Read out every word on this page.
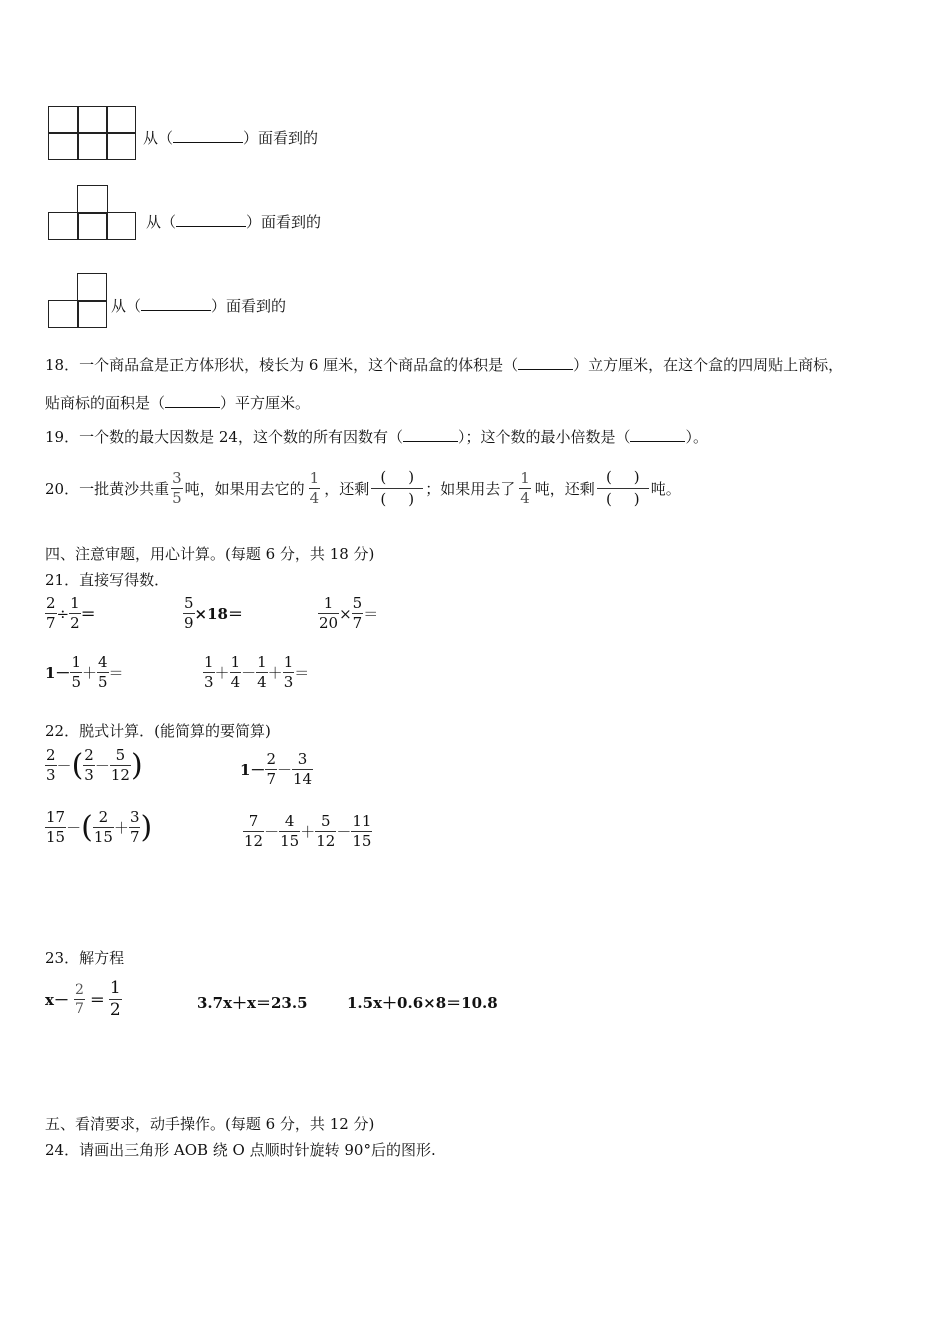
从（	）面看到的
从（	）面看到的
从（	）面看到的
18．一个商品盒是正方体形状，棱长为 6 厘米，这个商品盒的体积是（	）立方厘米，在这个盒的四周贴上商标，
贴商标的面积是（	）平方厘米。
19．一个数的最大因数是 24，这个数的所有因数有（	）；这个数的最小倍数是（	）。
20．一批黄沙共重 $\frac{3}{5}$ 吨，如果用去它的 $\frac{1}{4}$ ，还剩 $\frac{( )}{( )}$ ；如果用去了 $\frac{1}{4}$ 吨，还剩 $\frac{( )}{( )}$ 吨。
四、注意审题，用心计算。(每题 6 分，共 18 分)
21．直接写得数．
$\frac{2}{7} \div \frac{1}{2}$ ＝	$\frac{5}{9} \times 18=$	$\frac{1}{20} \times \frac{5}{7}$ ＝
$1- \frac{1}{5} + \frac{4}{5}$ ＝	$\frac{1}{3} + \frac{1}{4} - \frac{1}{4} + \frac{1}{3}$ ＝
22．脱式计算．(能简算的要简算)
$\frac{2}{3}$ － ( $\frac{2}{3} - \frac{5}{12}$ )	$1- \frac{2}{7} - \frac{3}{14}$
$\frac{17}{15}$ － ( $\frac{2}{15} + \frac{3}{7}$ )	$\frac{7}{12} - \frac{4}{15} + \frac{5}{12} - \frac{11}{15}$
23．解方程
$x- \frac{2}{7} = \frac{1}{2}$	3.7x＋x＝23.5	1.5x＋0.6×8＝10.8
五、看清要求，动手操作。(每题 6 分，共 12 分)
24．请画出三角形 AOB 绕 O 点顺时针旋转 90°后的图形.
